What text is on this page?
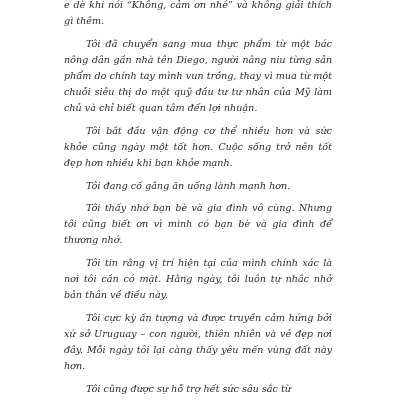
e dè khi nói “Không, cảm ơn nhé” và không giải thích gì thêm.

Tôi đã chuyển sang mua thực phẩm từ một bác nông dân gần nhà tên Diego, người nâng niu từng sản phẩm do chính tay mình vun trồng, thay vì mua từ một chuỗi siêu thị do một quỹ đầu tư tư nhân của Mỹ làm chủ và chỉ biết quan tâm đến lợi nhuận.

Tôi bắt đầu vận động cơ thể nhiều hơn và sức khỏe cũng ngày một tốt hơn. Cuộc sống trở nên tốt đẹp hơn nhiều khi bạn khỏe mạnh.

Tôi đang cố gắng ăn uống lành mạnh hơn.

Tôi thấy nhớ bạn bè và gia đình vô cùng. Nhưng tôi cũng biết ơn vì mình có bạn bè và gia đình để thương nhớ.

Tôi tin rằng vị trí hiện tại của mình chính xác là nơi tôi cần có mặt. Hằng ngày, tôi luôn tự nhắc nhở bản thân về điều này.

Tôi cực kỳ ấn tượng và được truyền cảm hứng bởi xứ sở Uruguay – con người, thiên nhiên và vẻ đẹp nơi đây. Mỗi ngày tôi lại càng thấy yêu mến vùng đất này hơn.

Tôi cũng được sự hỗ trợ hết sức sâu sắc từ
